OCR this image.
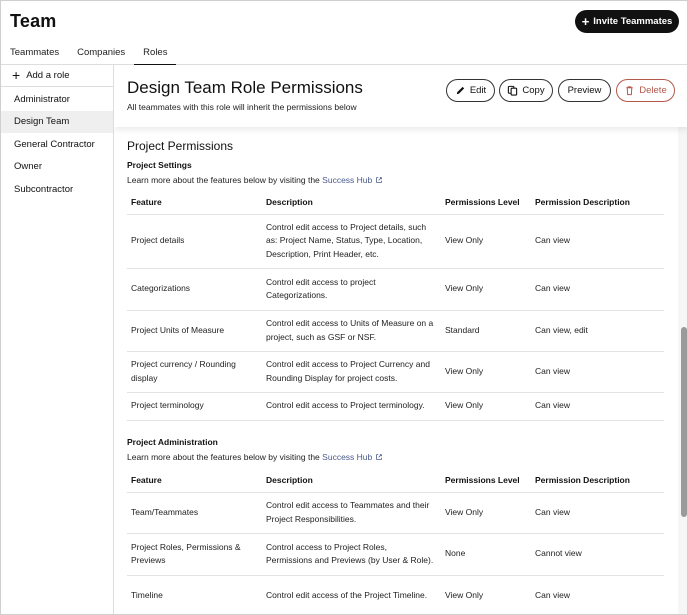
Team	+ Invite Teammates
Teammates	Companies	Roles
+ Add a role
Administrator
Design Team
General Contractor
Owner
Subcontractor
Design Team Role Permissions
All teammates with this role will inherit the permissions below
Edit	Copy Preview	Delete
Project Permissions
Project Settings
Learn more about the features below by visiting the Success Hub
Feature	Description	Permissions Level	Permission Description
Project details	Control edit access to Project details, such as: Project Name, Status, Type, Location, Description, Print Header, etc.	View Only	Can view
Categorizations	Control edit access to project Categorizations.	View Only	Can view
Project Units of Measure	Control edit access to Units of Measure on a project, such as GSF or NSF.	Standard	Can view, edit
Project currency / Rounding display	Control edit access to Project Currency and Rounding Display for project costs.	View Only	Can view
Project terminology	Control edit access to Project terminology.	View Only	Can view
Project Administration
Learn more about the features below by visiting the Success Hub
Feature	Description	Permissions Level	Permission Description
Team/Teammates	Control edit access to Teammates and their Project Responsibilities.	View Only	Can view
Project Roles, Permissions & Previews	Control access to Project Roles, Permissions and Previews (by User & Role).	None	Cannot view
Timeline	Control edit access of the Project Timeline.	View Only	Can view
